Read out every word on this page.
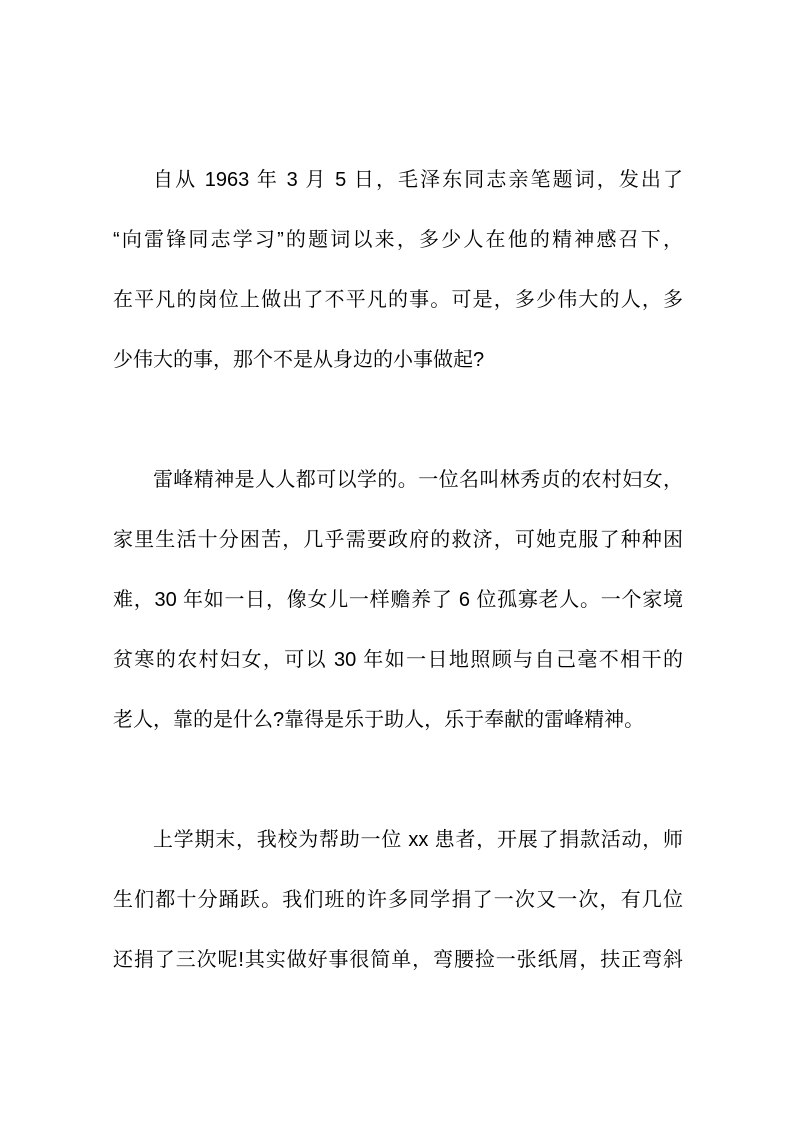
自从 1963 年 3 月 5 日，毛泽东同志亲笔题词，发出了
“向雷锋同志学习”的题词以来，多少人在他的精神感召下，
在平凡的岗位上做出了不平凡的事。可是，多少伟大的人，多
少伟大的事，那个不是从身边的小事做起?
雷峰精神是人人都可以学的。一位名叫林秀贞的农村妇女，
家里生活十分困苦，几乎需要政府的救济，可她克服了种种困
难，30 年如一日，像女儿一样赡养了 6 位孤寡老人。一个家境
贫寒的农村妇女，可以 30 年如一日地照顾与自己毫不相干的
老人，靠的是什么?靠得是乐于助人，乐于奉献的雷峰精神。
上学期末，我校为帮助一位 xx 患者，开展了捐款活动，师
生们都十分踊跃。我们班的许多同学捐了一次又一次，有几位
还捐了三次呢!其实做好事很简单，弯腰捡一张纸屑，扶正弯斜
